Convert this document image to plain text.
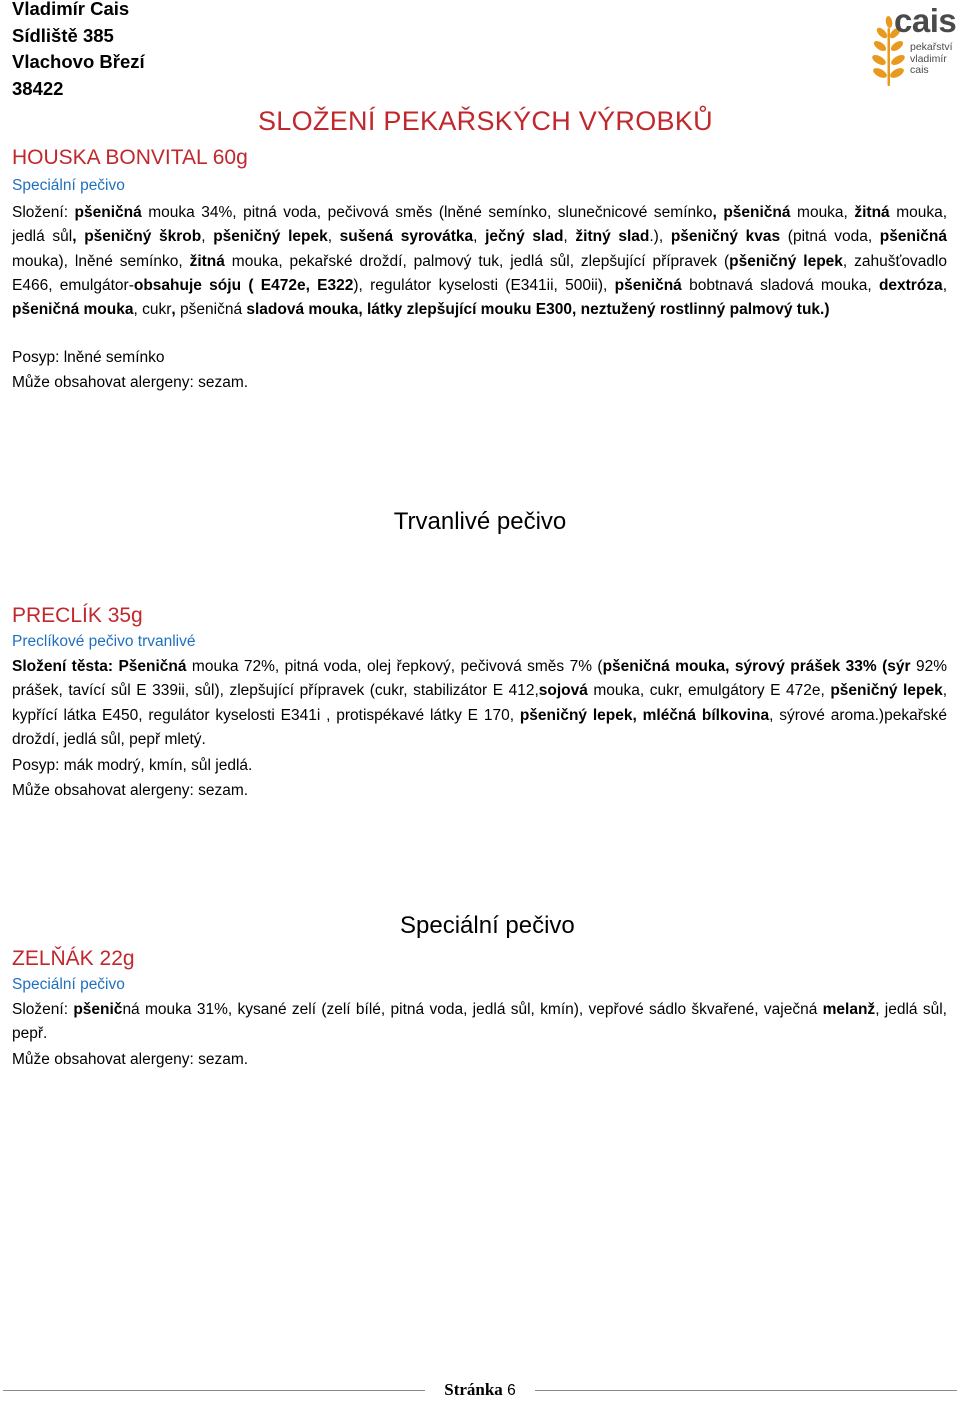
Vladimír Cais
Sídliště 385
Vlachovo Březí
38422
cais
pekařství
vladimír
cais
SLOŽENÍ PEKAŘSKÝCH VÝROBKŮ
HOUSKA BONVITAL 60g
Speciální pečivo
Složení: pšeničná mouka 34%, pitná voda, pečivová směs (lněné semínko, slunečnicové semínko, pšeničná mouka, žitná mouka, jedlá sůl, pšeničný škrob, pšeničný lepek, sušená syrovátka, ječný slad, žitný slad.), pšeničný kvas (pitná voda, pšeničná mouka), lněné semínko, žitná mouka, pekařské droždí, palmový tuk, jedlá sůl, zlepšující přípravek (pšeničný lepek, zahušťovadlo E466, emulgátor-obsahuje sóju ( E472e, E322), regulátor kyselosti (E341ii, 500ii), pšeničná bobtnavá sladová mouka, dextróza, pšeničná mouka, cukr, pšeničná sladová mouka, látky zlepšující mouku E300, neztužený rostlinný palmový tuk.)
Posyp: lněné semínko
Může obsahovat alergeny: sezam.
Trvanlivé pečivo
PRECLÍK 35g
Preclíkové pečivo trvanlivé
Složení těsta: Pšeničná mouka 72%, pitná voda, olej řepkový, pečivová směs 7% (pšeničná mouka, sýrový prášek 33% (sýr 92% prášek, tavící sůl E 339ii, sůl), zlepšující přípravek (cukr, stabilizátor E 412,sojová mouka, cukr, emulgátory E 472e, pšeničný lepek, kypřící látka E450, regulátor kyselosti E341i , protispékavé látky E 170, pšeničný lepek, mléčná bílkovina, sýrové aroma.)pekařské droždí, jedlá sůl, pepř mletý.
Posyp: mák modrý, kmín, sůl jedlá.
Může obsahovat alergeny: sezam.
Speciální pečivo
ZELŇÁK 22g
Speciální pečivo
Složení: pšeničná mouka 31%, kysané zelí (zelí bílé, pitná voda, jedlá sůl, kmín), vepřové sádlo škvařené, vaječná melanž, jedlá sůl, pepř.
Může obsahovat alergeny: sezam.
Stránka 6
